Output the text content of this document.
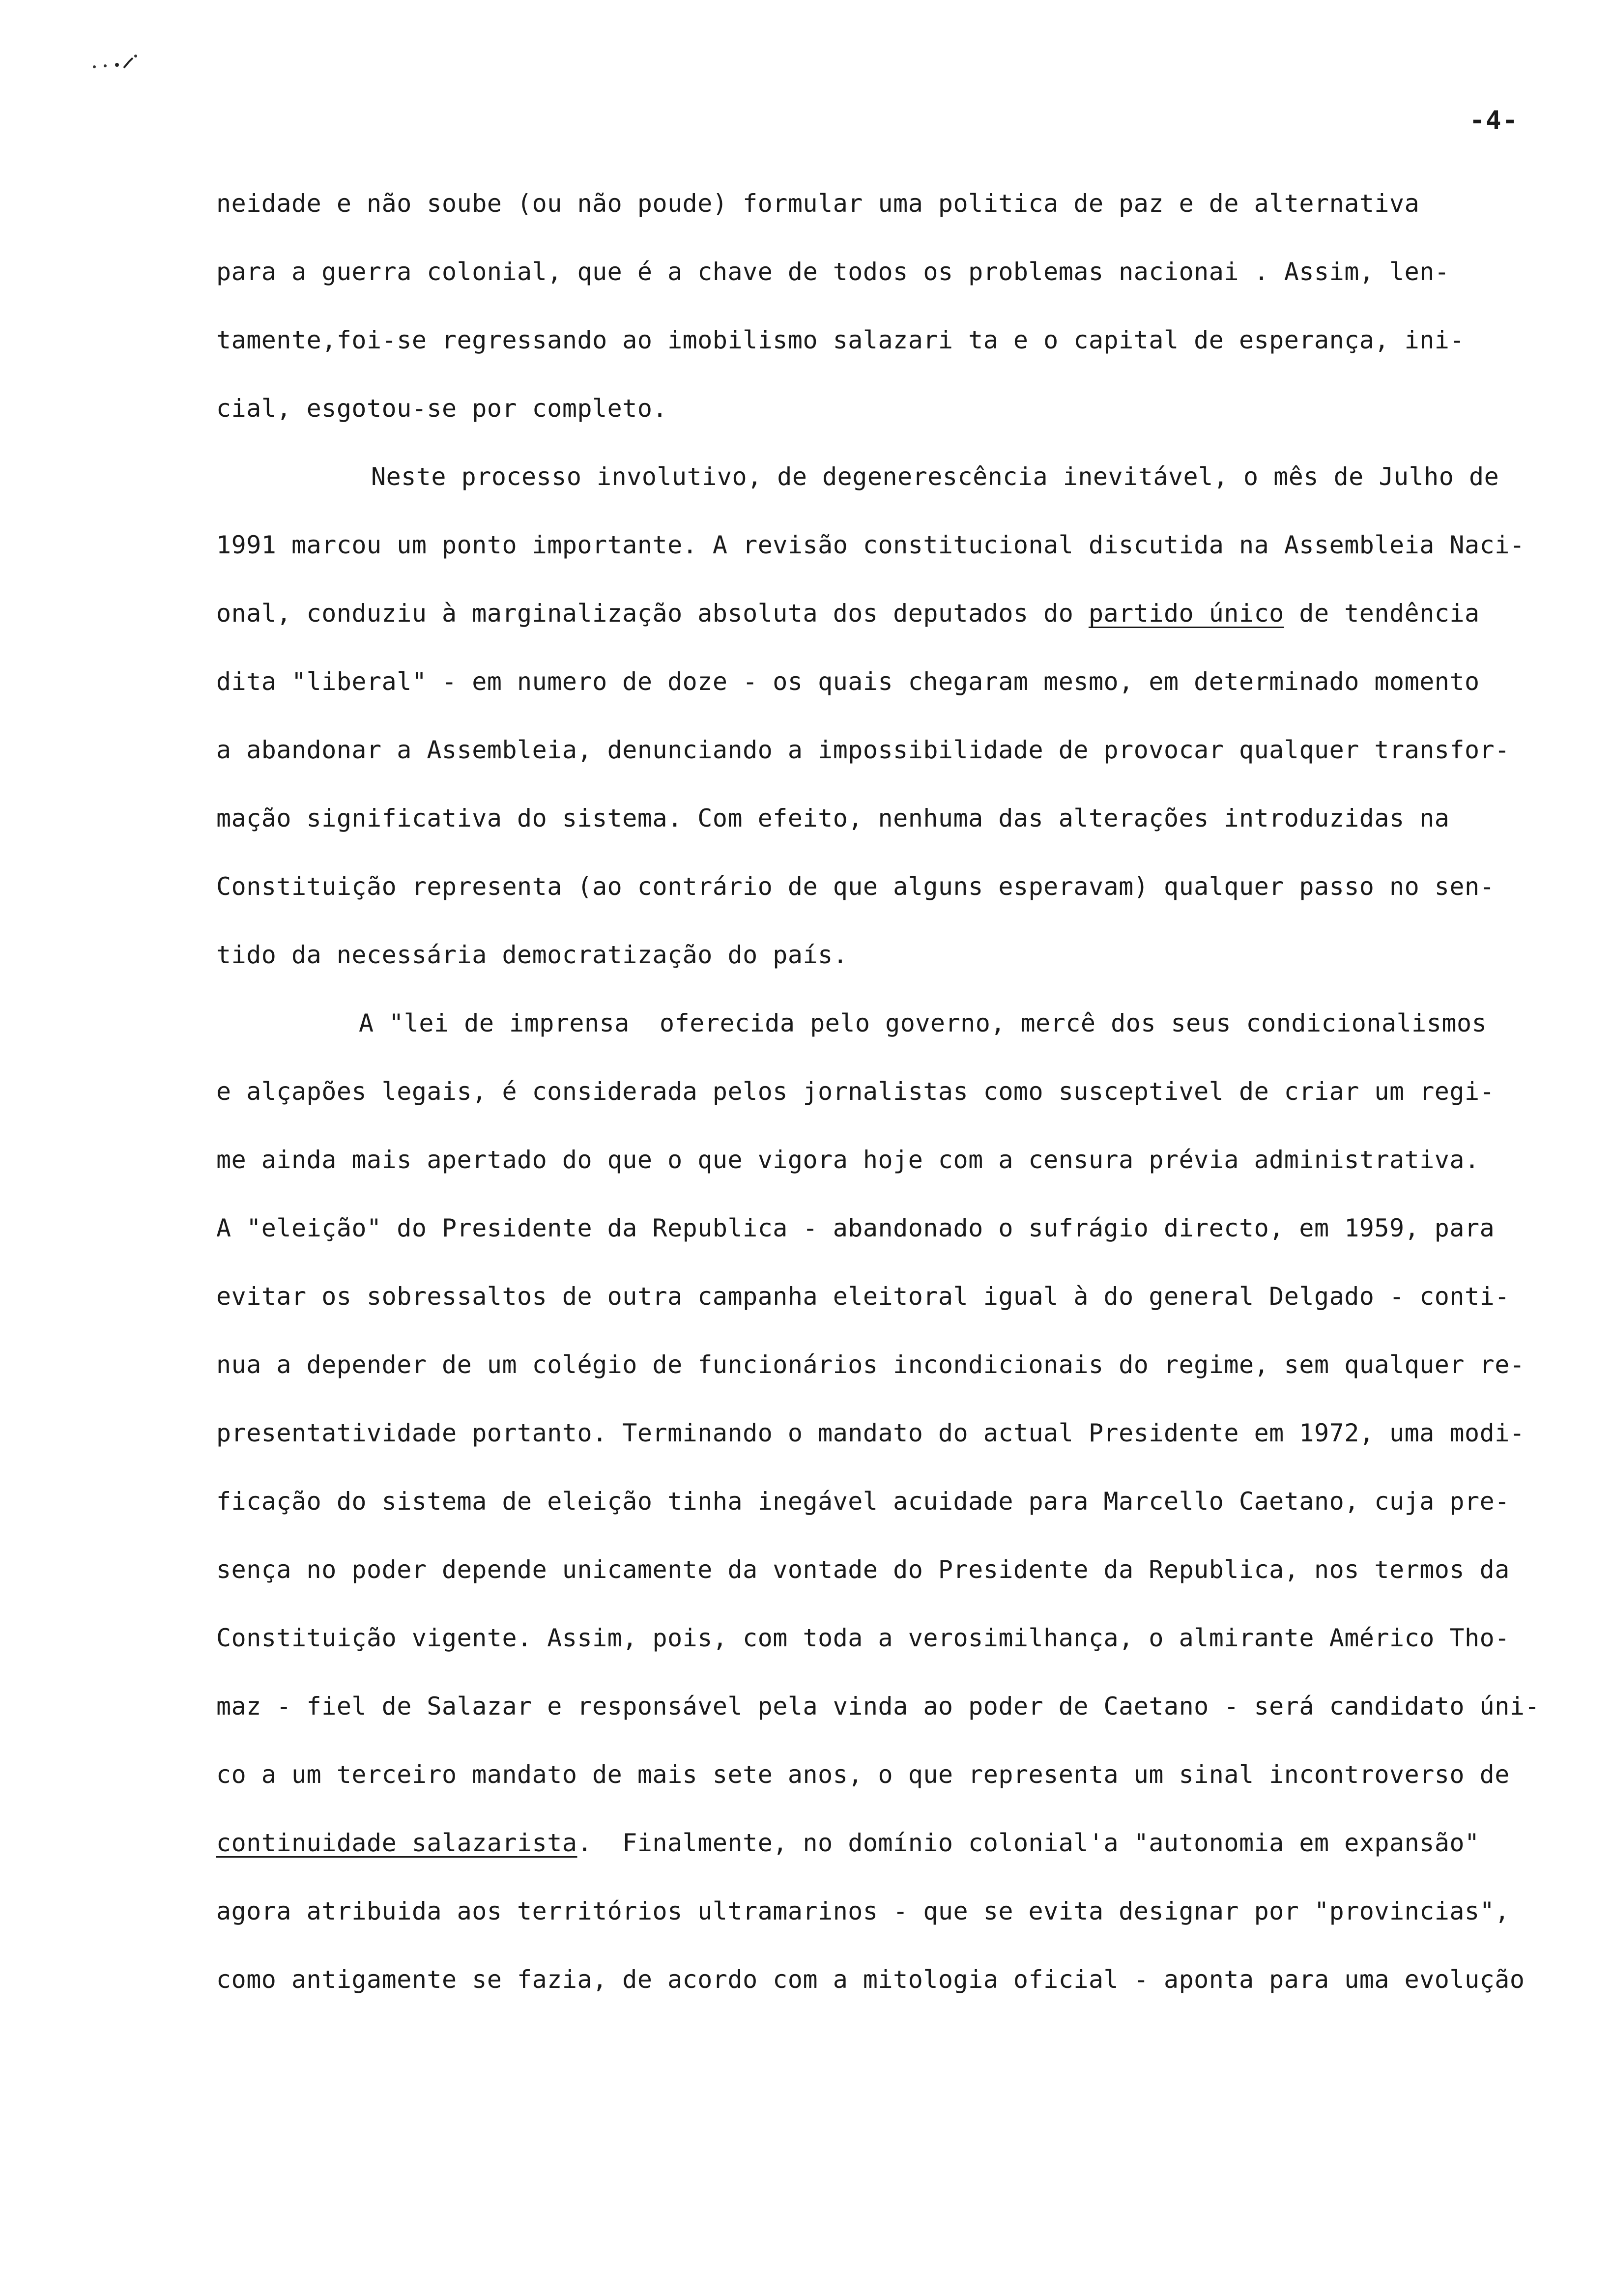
-4-
neidade e não soube (ou não poude) formular uma politica de paz e de alternativa
para a guerra colonial, que é a chave de todos os problemas nacionai . Assim, len-
tamente,foi-se regressando ao imobilismo salazari ta e o capital de esperança, ini-
cial, esgotou-se por completo.
Neste processo involutivo, de degenerescência inevitável, o mês de Julho de
1991 marcou um ponto importante. A revisão constitucional discutida na Assembleia Naci-
onal, conduziu à marginalização absoluta dos deputados do partido único de tendência
dita "liberal" - em numero de doze - os quais chegaram mesmo, em determinado momento
a abandonar a Assembleia, denunciando a impossibilidade de provocar qualquer transfor-
mação significativa do sistema. Com efeito, nenhuma das alterações introduzidas na
Constituição representa (ao contrário de que alguns esperavam) qualquer passo no sen-
tido da necessária democratização do país.
A "lei de imprensa  oferecida pelo governo, mercê dos seus condicionalismos
e alçapões legais, é considerada pelos jornalistas como susceptivel de criar um regi-
me ainda mais apertado do que o que vigora hoje com a censura prévia administrativa.
A "eleição" do Presidente da Republica - abandonado o sufrágio directo, em 1959, para
evitar os sobressaltos de outra campanha eleitoral igual à do general Delgado - conti-
nua a depender de um colégio de funcionários incondicionais do regime, sem qualquer re-
presentatividade portanto. Terminando o mandato do actual Presidente em 1972, uma modi-
ficação do sistema de eleição tinha inegável acuidade para Marcello Caetano, cuja pre-
sença no poder depende unicamente da vontade do Presidente da Republica, nos termos da
Constituição vigente. Assim, pois, com toda a verosimilhança, o almirante Américo Tho-
maz - fiel de Salazar e responsável pela vinda ao poder de Caetano - será candidato úni-
co a um terceiro mandato de mais sete anos, o que representa um sinal incontroverso de
continuidade salazarista.  Finalmente, no domínio colonial'a "autonomia em expansão"
agora atribuida aos territórios ultramarinos - que se evita designar por "provincias",
como antigamente se fazia, de acordo com a mitologia oficial - aponta para uma evolução
